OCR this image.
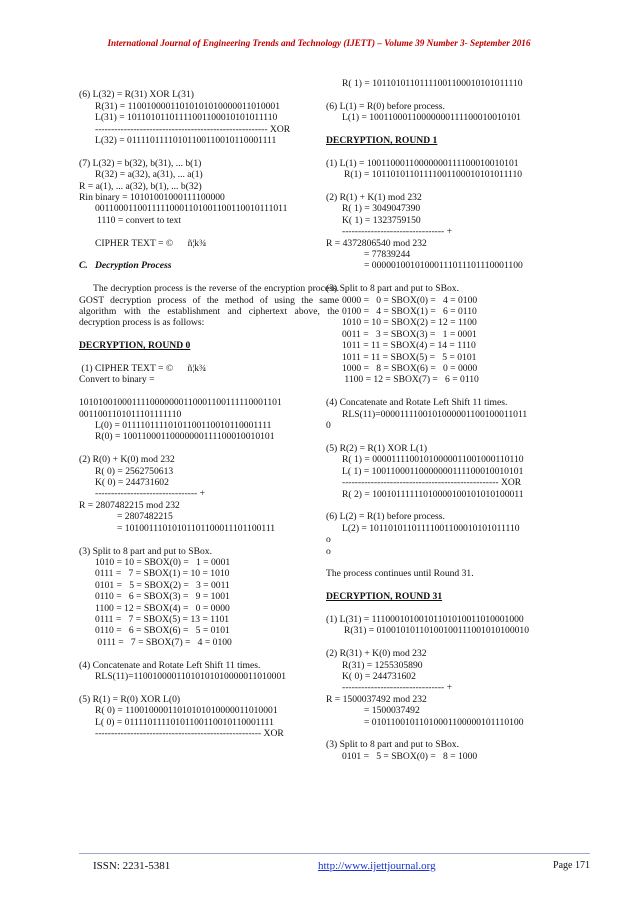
International Journal of Engineering Trends and Technology (IJETT) – Volume 39 Number 3- September 2016
(6) L(32) = R(31) XOR L(31)
R(31) = 11001000011010101010000011010001
L(31) = 10110101101111001100010101011110
------------------------------------------------------ XOR
L(32) = 01111011110101100110010110001111
(7) L(32) = b(32), b(31), ... b(1)
R(32) = a(32), a(31), ... a(1)
R = a(1), ... a(32), b(1), ... b(32)
Rin binary = 10101001000111100000
00110001100111110001101001100110010111011
1110 = convert to text
CIPHER TEXT = ©      ñ¦k¾
C.   Decryption Process
The decryption process is the reverse of the encryption process. GOST decryption process of the method of using the same algorithm with the establishment and ciphertext above, the decryption process is as follows:
DECRYPTION, ROUND 0
(1) CIPHER TEXT = ©      ñ¦k¾
Convert to binary =
1010100100011110000000110001100111110001101
0011001101011101111110
L(0) = 01111011110101100110010110001111
R(0) = 10011000110000000111100010010101
(2) R(0) + K(0) mod 232
R( 0) = 2562750613
K( 0) = 244731602
-------------------------------- +
R = 2807482215 mod 232
= 2807482215
= 10100111010101101100011101100111
(3) Split to 8 part and put to SBox.
1010 = 10 = SBOX(0) =   1 = 0001
0111 =   7 = SBOX(1) = 10 = 1010
0101 =   5 = SBOX(2) =   3 = 0011
0110 =   6 = SBOX(3) =   9 = 1001
1100 = 12 = SBOX(4) =   0 = 0000
0111 =   7 = SBOX(5) = 13 = 1101
0110 =   6 = SBOX(6) =   5 = 0101
0111 =   7 = SBOX(7) =   4 = 0100
(4) Concatenate and Rotate Left Shift 11 times.
RLS(11)=11001000011010101010000011010001
(5) R(1) = R(0) XOR L(0)
R( 0) = 11001000011010101010000011010001
L( 0) = 01111011110101100110010110001111
---------------------------------------------------- XOR
R( 1) = 10110101101111001100010101011110
(6) L(1) = R(0) before process.
L(1) = 10011000110000000111100010010101
DECRYPTION, ROUND 1
(1) L(1) = 10011000110000000111100010010101
R(1) = 10110101101111001100010101011110
(2) R(1) + K(1) mod 232
R( 1) = 3049047390
K( 1) = 1323759150
-------------------------------- +
R = 4372806540 mod 232
= 77839244
= 00000100101000111011101110001100
(3) Split to 8 part and put to SBox.
0000 =   0 = SBOX(0) =   4 = 0100
0100 =   4 = SBOX(1) =   6 = 0110
1010 = 10 = SBOX(2) = 12 = 1100
0011 =   3 = SBOX(3) =   1 = 0001
1011 = 11 = SBOX(4) = 14 = 1110
1011 = 11 = SBOX(5) =   5 = 0101
1000 =   8 = SBOX(6) =   0 = 0000
1100 = 12 = SBOX(7) =   6 = 0110
(4) Concatenate and Rotate Left Shift 11 times.
RLS(11)=0000111100101000001100100011011
0
(5) R(2) = R(1) XOR L(1)
R( 1) = 00001111001010000011001000110110
L( 1) = 10011000110000000111100010010101
------------------------------------------------- XOR
R( 2) = 10010111111010000100101010100011
(6) L(2) = R(1) before process.
L(2) = 10110101101111001100010101011110
o
o
The process continues until Round 31.
DECRYPTION, ROUND 31
(1) L(31) = 11100010100101101010011010001000
R(31) = 01001010110100100111001010100010
(2) R(31) + K(0) mod 232
R(31) = 1255305890
K( 0) = 244731602
-------------------------------- +
R = 1500037492 mod 232
= 1500037492
= 01011001011010001100000101110100
(3) Split to 8 part and put to SBox.
0101 =   5 = SBOX(0) =   8 = 1000
ISSN: 2231-5381	http://www.ijettjournal.org	Page 171
